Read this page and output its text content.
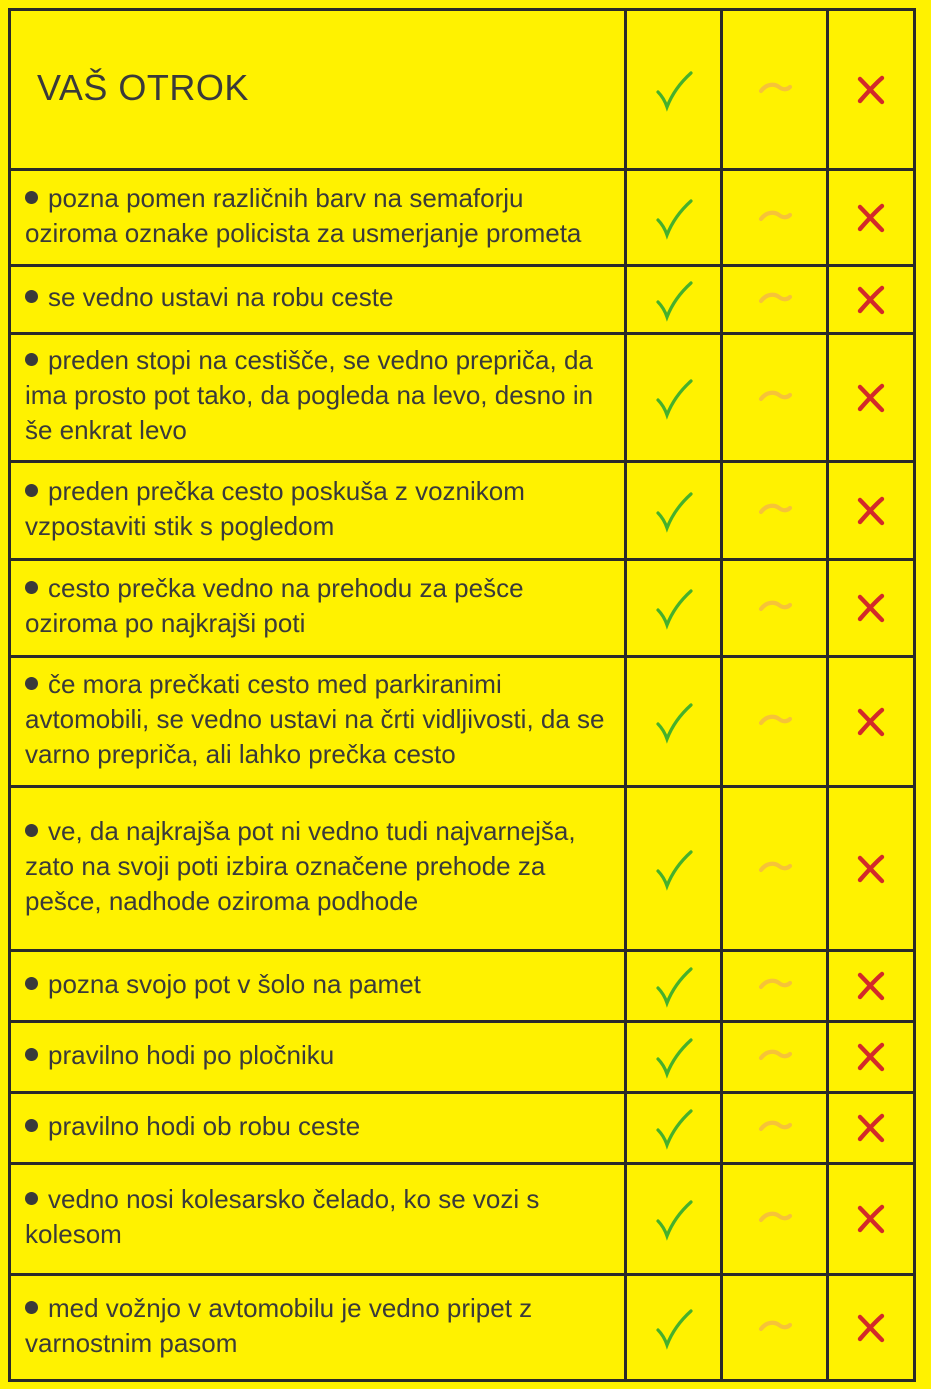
VAŠ OTROK
pozna pomen različnih barv na semaforju oziroma oznake policista za usmerjanje prometa
se vedno ustavi na robu ceste
preden stopi na cestišče, se vedno prepriča, da ima prosto pot tako, da pogleda na levo, desno in še enkrat levo
preden prečka cesto poskuša z voznikom vzpostaviti stik s pogledom
cesto prečka vedno na prehodu za pešce oziroma po najkrajši poti
če mora prečkati cesto med parkiranimi avtomobili, se vedno ustavi na črti vidljivosti, da se varno prepriča, ali lahko prečka cesto
ve, da najkrajša pot ni vedno tudi najvarnejša, zato na svoji poti izbira označene prehode za pešce, nadhode oziroma podhode
pozna svojo pot v šolo na pamet
pravilno hodi po pločniku
pravilno hodi ob robu ceste
vedno nosi kolesarsko čelado, ko se vozi s kolesom
med vožnjo v avtomobilu je vedno pripet z varnostnim pasom
